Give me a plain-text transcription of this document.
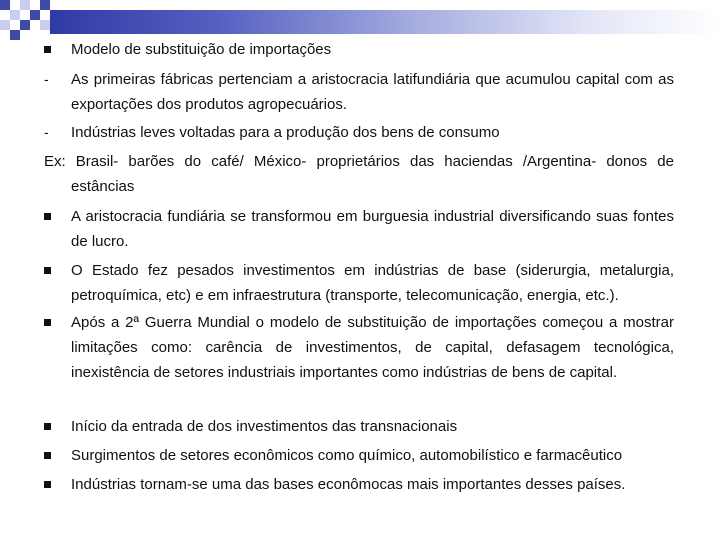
Modelo de substituição de importações
-
As primeiras fábricas pertenciam a aristocracia latifundiária que acumulou capital com as exportações dos produtos agropecuários.
-
Indústrias leves voltadas para a produção dos bens de consumo
Ex: Brasil- barões do café/ México- proprietários das haciendas /Argentina- donos de
estâncias
A aristocracia fundiária se transformou em burguesia industrial diversificando suas fontes de lucro.
O Estado fez pesados investimentos em indústrias de base (siderurgia, metalurgia, petroquímica, etc) e em infraestrutura (transporte, telecomunicação, energia, etc.).
Após a 2ª Guerra Mundial o modelo de substituição de importações começou a mostrar limitações como: carência de investimentos, de capital, defasagem tecnológica, inexistência de setores industriais importantes como indústrias de bens de capital.
Início da entrada de dos investimentos das transnacionais
Surgimentos de setores econômicos como químico, automobilístico e farmacêutico
Indústrias tornam-se uma das bases econômocas mais importantes desses países.
